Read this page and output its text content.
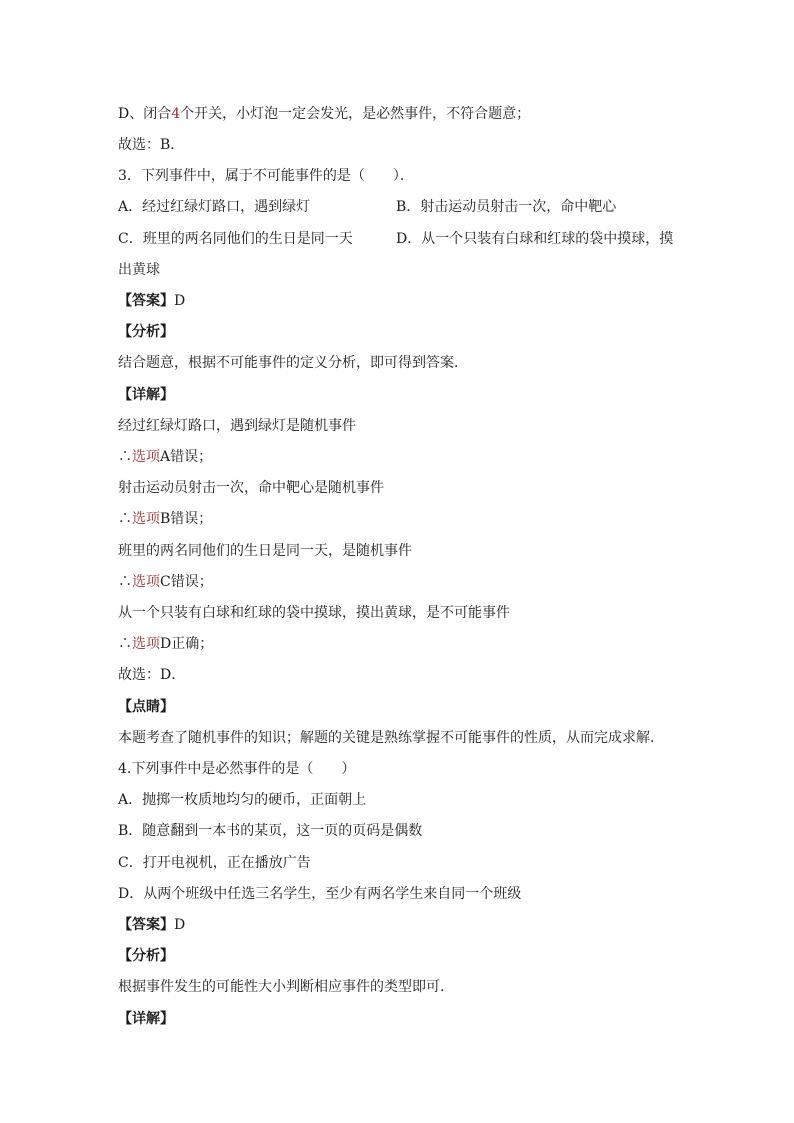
D、闭合4个开关，小灯泡一定会发光，是必然事件，不符合题意；
故选：B．
3．下列事件中，属于不可能事件的是（　　）．
A．经过红绿灯路口，遇到绿灯	B．射击运动员射击一次，命中靶心
C．班里的两名同他们的生日是同一天	D．从一个只装有白球和红球的袋中摸球，摸
出黄球
【答案】D
【分析】
结合题意，根据不可能事件的定义分析，即可得到答案．
【详解】
经过红绿灯路口，遇到绿灯是随机事件
∴选项A错误；
射击运动员射击一次，命中靶心是随机事件
∴选项B错误；
班里的两名同他们的生日是同一天，是随机事件
∴选项C错误；
从一个只装有白球和红球的袋中摸球，摸出黄球，是不可能事件
∴选项D正确；
故选：D．
【点睛】
本题考查了随机事件的知识；解题的关键是熟练掌握不可能事件的性质，从而完成求解．
4.下列事件中是必然事件的是（　　）
A．抛掷一枚质地均匀的硬币，正面朝上
B．随意翻到一本书的某页，这一页的页码是偶数
C．打开电视机，正在播放广告
D．从两个班级中任选三名学生，至少有两名学生来自同一个班级
【答案】D
【分析】
根据事件发生的可能性大小判断相应事件的类型即可．
【详解】
